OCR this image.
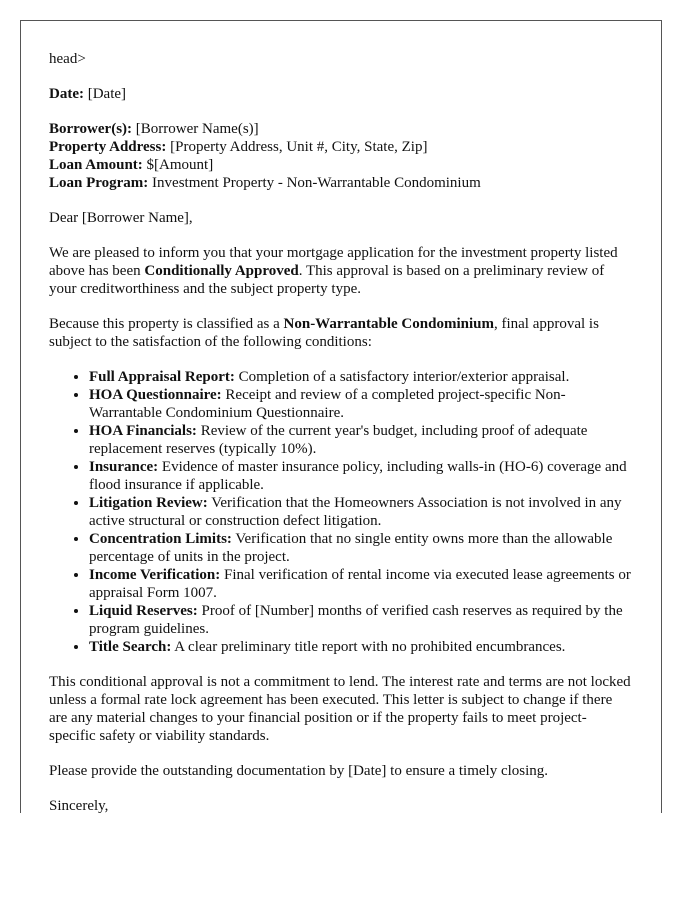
head>

Date: [Date]

Borrower(s): [Borrower Name(s)]
Property Address: [Property Address, Unit #, City, State, Zip]
Loan Amount: $[Amount]
Loan Program: Investment Property - Non-Warrantable Condominium

Dear [Borrower Name],

We are pleased to inform you that your mortgage application for the investment property listed above has been Conditionally Approved. This approval is based on a preliminary review of your creditworthiness and the subject property type.

Because this property is classified as a Non-Warrantable Condominium, final approval is subject to the satisfaction of the following conditions:

• Full Appraisal Report: Completion of a satisfactory interior/exterior appraisal.
• HOA Questionnaire: Receipt and review of a completed project-specific Non-Warrantable Condominium Questionnaire.
• HOA Financials: Review of the current year's budget, including proof of adequate replacement reserves (typically 10%).
• Insurance: Evidence of master insurance policy, including walls-in (HO-6) coverage and flood insurance if applicable.
• Litigation Review: Verification that the Homeowners Association is not involved in any active structural or construction defect litigation.
• Concentration Limits: Verification that no single entity owns more than the allowable percentage of units in the project.
• Income Verification: Final verification of rental income via executed lease agreements or appraisal Form 1007.
• Liquid Reserves: Proof of [Number] months of verified cash reserves as required by the program guidelines.
• Title Search: A clear preliminary title report with no prohibited encumbrances.

This conditional approval is not a commitment to lend. The interest rate and terms are not locked unless a formal rate lock agreement has been executed. This letter is subject to change if there are any material changes to your financial position or if the property fails to meet project-specific safety or viability standards.

Please provide the outstanding documentation by [Date] to ensure a timely closing.

Sincerely,
